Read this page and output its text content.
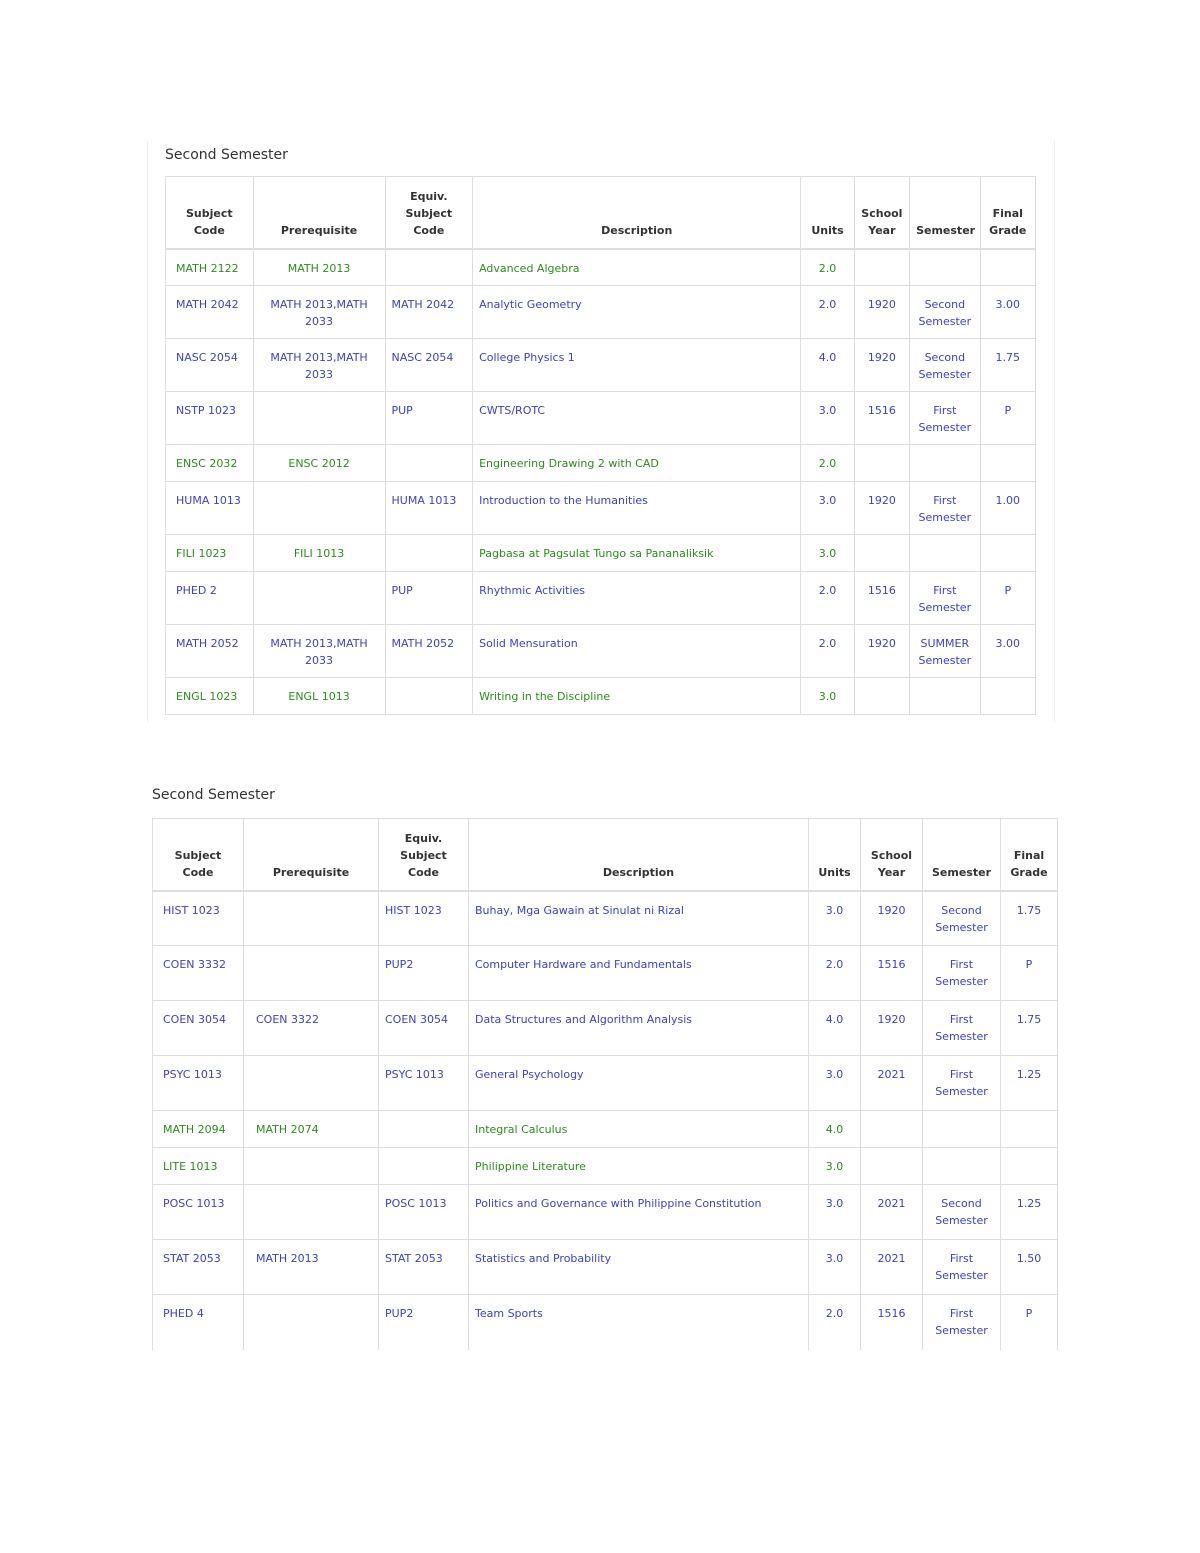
Second Semester
Subject Code	Prerequisite	Equiv. Subject Code	Description	Units	School Year	Semester	Final Grade
MATH 2122	MATH 2013		Advanced Algebra	2.0			
MATH 2042	MATH 2013,MATH 2033	MATH 2042	Analytic Geometry	2.0	1920	Second Semester	3.00
NASC 2054	MATH 2013,MATH 2033	NASC 2054	College Physics 1	4.0	1920	Second Semester	1.75
NSTP 1023		PUP	CWTS/ROTC	3.0	1516	First Semester	P
ENSC 2032	ENSC 2012		Engineering Drawing 2 with CAD	2.0			
HUMA 1013		HUMA 1013	Introduction to the Humanities	3.0	1920	First Semester	1.00
FILI 1023	FILI 1013		Pagbasa at Pagsulat Tungo sa Pananaliksik	3.0			
PHED 2		PUP	Rhythmic Activities	2.0	1516	First Semester	P
MATH 2052	MATH 2013,MATH 2033	MATH 2052	Solid Mensuration	2.0	1920	SUMMER Semester	3.00
ENGL 1023	ENGL 1013		Writing in the Discipline	3.0			
Second Semester
Subject Code	Prerequisite	Equiv. Subject Code	Description	Units	School Year	Semester	Final Grade
HIST 1023		HIST 1023	Buhay, Mga Gawain at Sinulat ni Rizal	3.0	1920	Second Semester	1.75
COEN 3332		PUP2	Computer Hardware and Fundamentals	2.0	1516	First Semester	P
COEN 3054	COEN 3322	COEN 3054	Data Structures and Algorithm Analysis	4.0	1920	First Semester	1.75
PSYC 1013		PSYC 1013	General Psychology	3.0	2021	First Semester	1.25
MATH 2094	MATH 2074		Integral Calculus	4.0			
LITE 1013			Philippine Literature	3.0			
POSC 1013		POSC 1013	Politics and Governance with Philippine Constitution	3.0	2021	Second Semester	1.25
STAT 2053	MATH 2013	STAT 2053	Statistics and Probability	3.0	2021	First Semester	1.50
PHED 4		PUP2	Team Sports	2.0	1516	First Semester	P
